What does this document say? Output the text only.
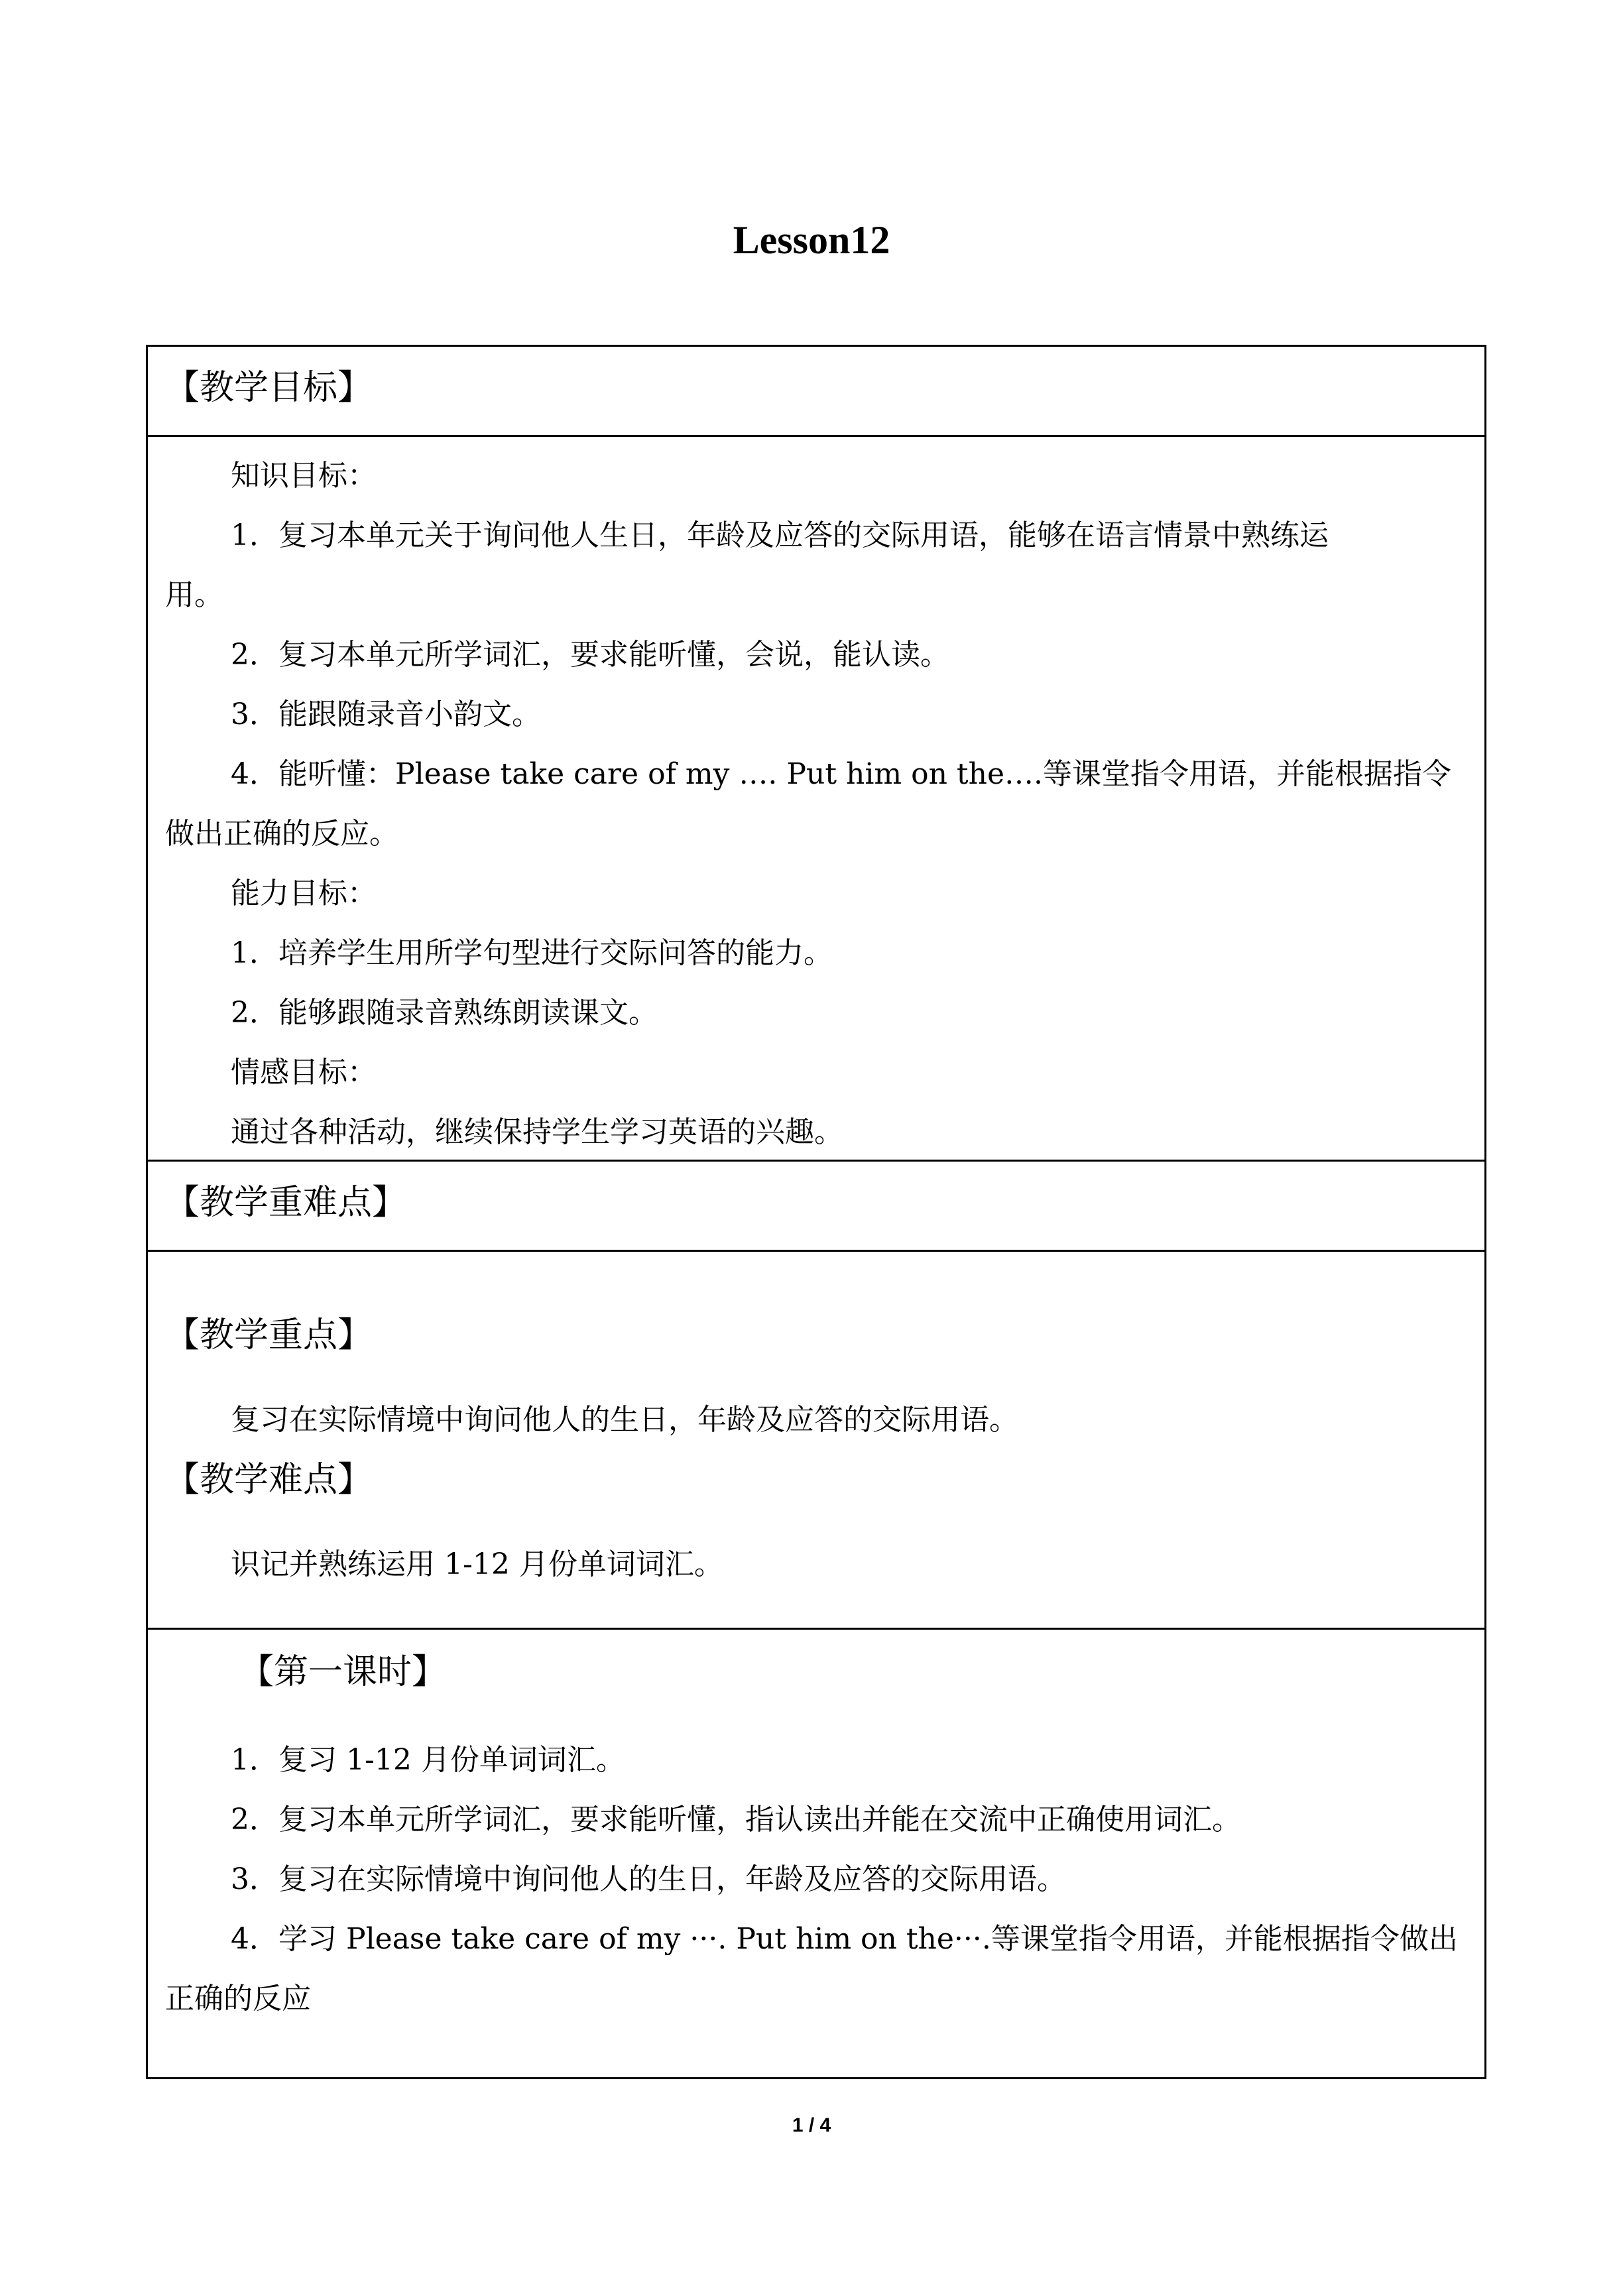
Lesson12
【教学目标】
知识目标：
1．复习本单元关于询问他人生日，年龄及应答的交际用语，能够在语言情景中熟练运
用。
2．复习本单元所学词汇，要求能听懂，会说，能认读。
3．能跟随录音小韵文。
4．能听懂：Please take care of my …. Put him on the….等课堂指令用语，并能根据指令
做出正确的反应。
能力目标：
1．培养学生用所学句型进行交际问答的能力。
2．能够跟随录音熟练朗读课文。
情感目标：
通过各种活动，继续保持学生学习英语的兴趣。
【教学重难点】
【教学重点】
复习在实际情境中询问他人的生日，年龄及应答的交际用语。
【教学难点】
识记并熟练运用 1-12 月份单词词汇。
【第一课时】
1．复习 1-12 月份单词词汇。
2．复习本单元所学词汇，要求能听懂，指认读出并能在交流中正确使用词汇。
3．复习在实际情境中询问他人的生日，年龄及应答的交际用语。
4．学习 Please take care of my ···. Put him on the···.等课堂指令用语，并能根据指令做出
正确的反应
1 / 4
